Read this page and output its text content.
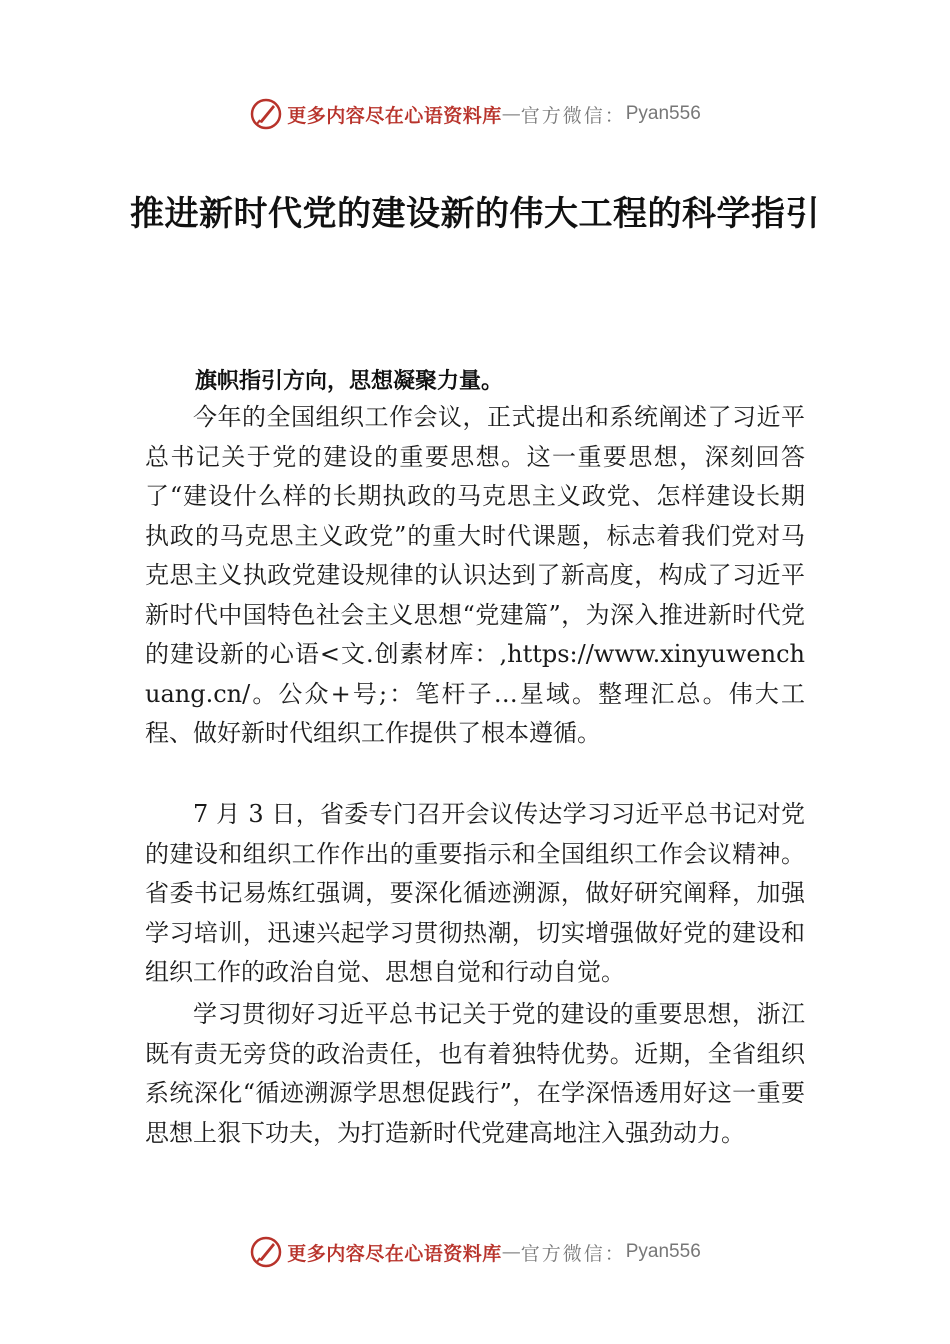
更多内容尽在心语资料库 — 官方微信： Pyan556
推进新时代党的建设新的伟大工程的科学指引
旗帜指引方向，思想凝聚力量。

今年的全国组织工作会议，正式提出和系统阐述了习近平总书记关于党的建设的重要思想。这一重要思想，深刻回答了“建设什么样的长期执政的马克思主义政党、怎样建设长期执政的马克思主义政党”的重大时代课题，标志着我们党对马克思主义执政党建设规律的认识达到了新高度，构成了习近平新时代中国特色社会主义思想“党建篇”，为深入推进新时代党的建设新的心语<文.创素材库：,https://www.xinyuwenchuang.cn/。公众+号;：笔杆子…星域。整理汇总。伟大工程、做好新时代组织工作提供了根本遵循。

7 月 3 日，省委专门召开会议传达学习习近平总书记对党的建设和组织工作作出的重要指示和全国组织工作会议精神。省委书记易炼红强调，要深化循迹溯源，做好研究阐释，加强学习培训，迅速兴起学习贯彻热潮，切实增强做好党的建设和组织工作的政治自觉、思想自觉和行动自觉。

学习贯彻好习近平总书记关于党的建设的重要思想，浙江既有责无旁贷的政治责任，也有着独特优势。近期，全省组织系统深化“循迹溯源学思想促践行”，在学深悟透用好这一重要思想上狠下功夫，为打造新时代党建高地注入强劲动力。

更多内容尽在心语资料库 — 官方微信： Pyan556
